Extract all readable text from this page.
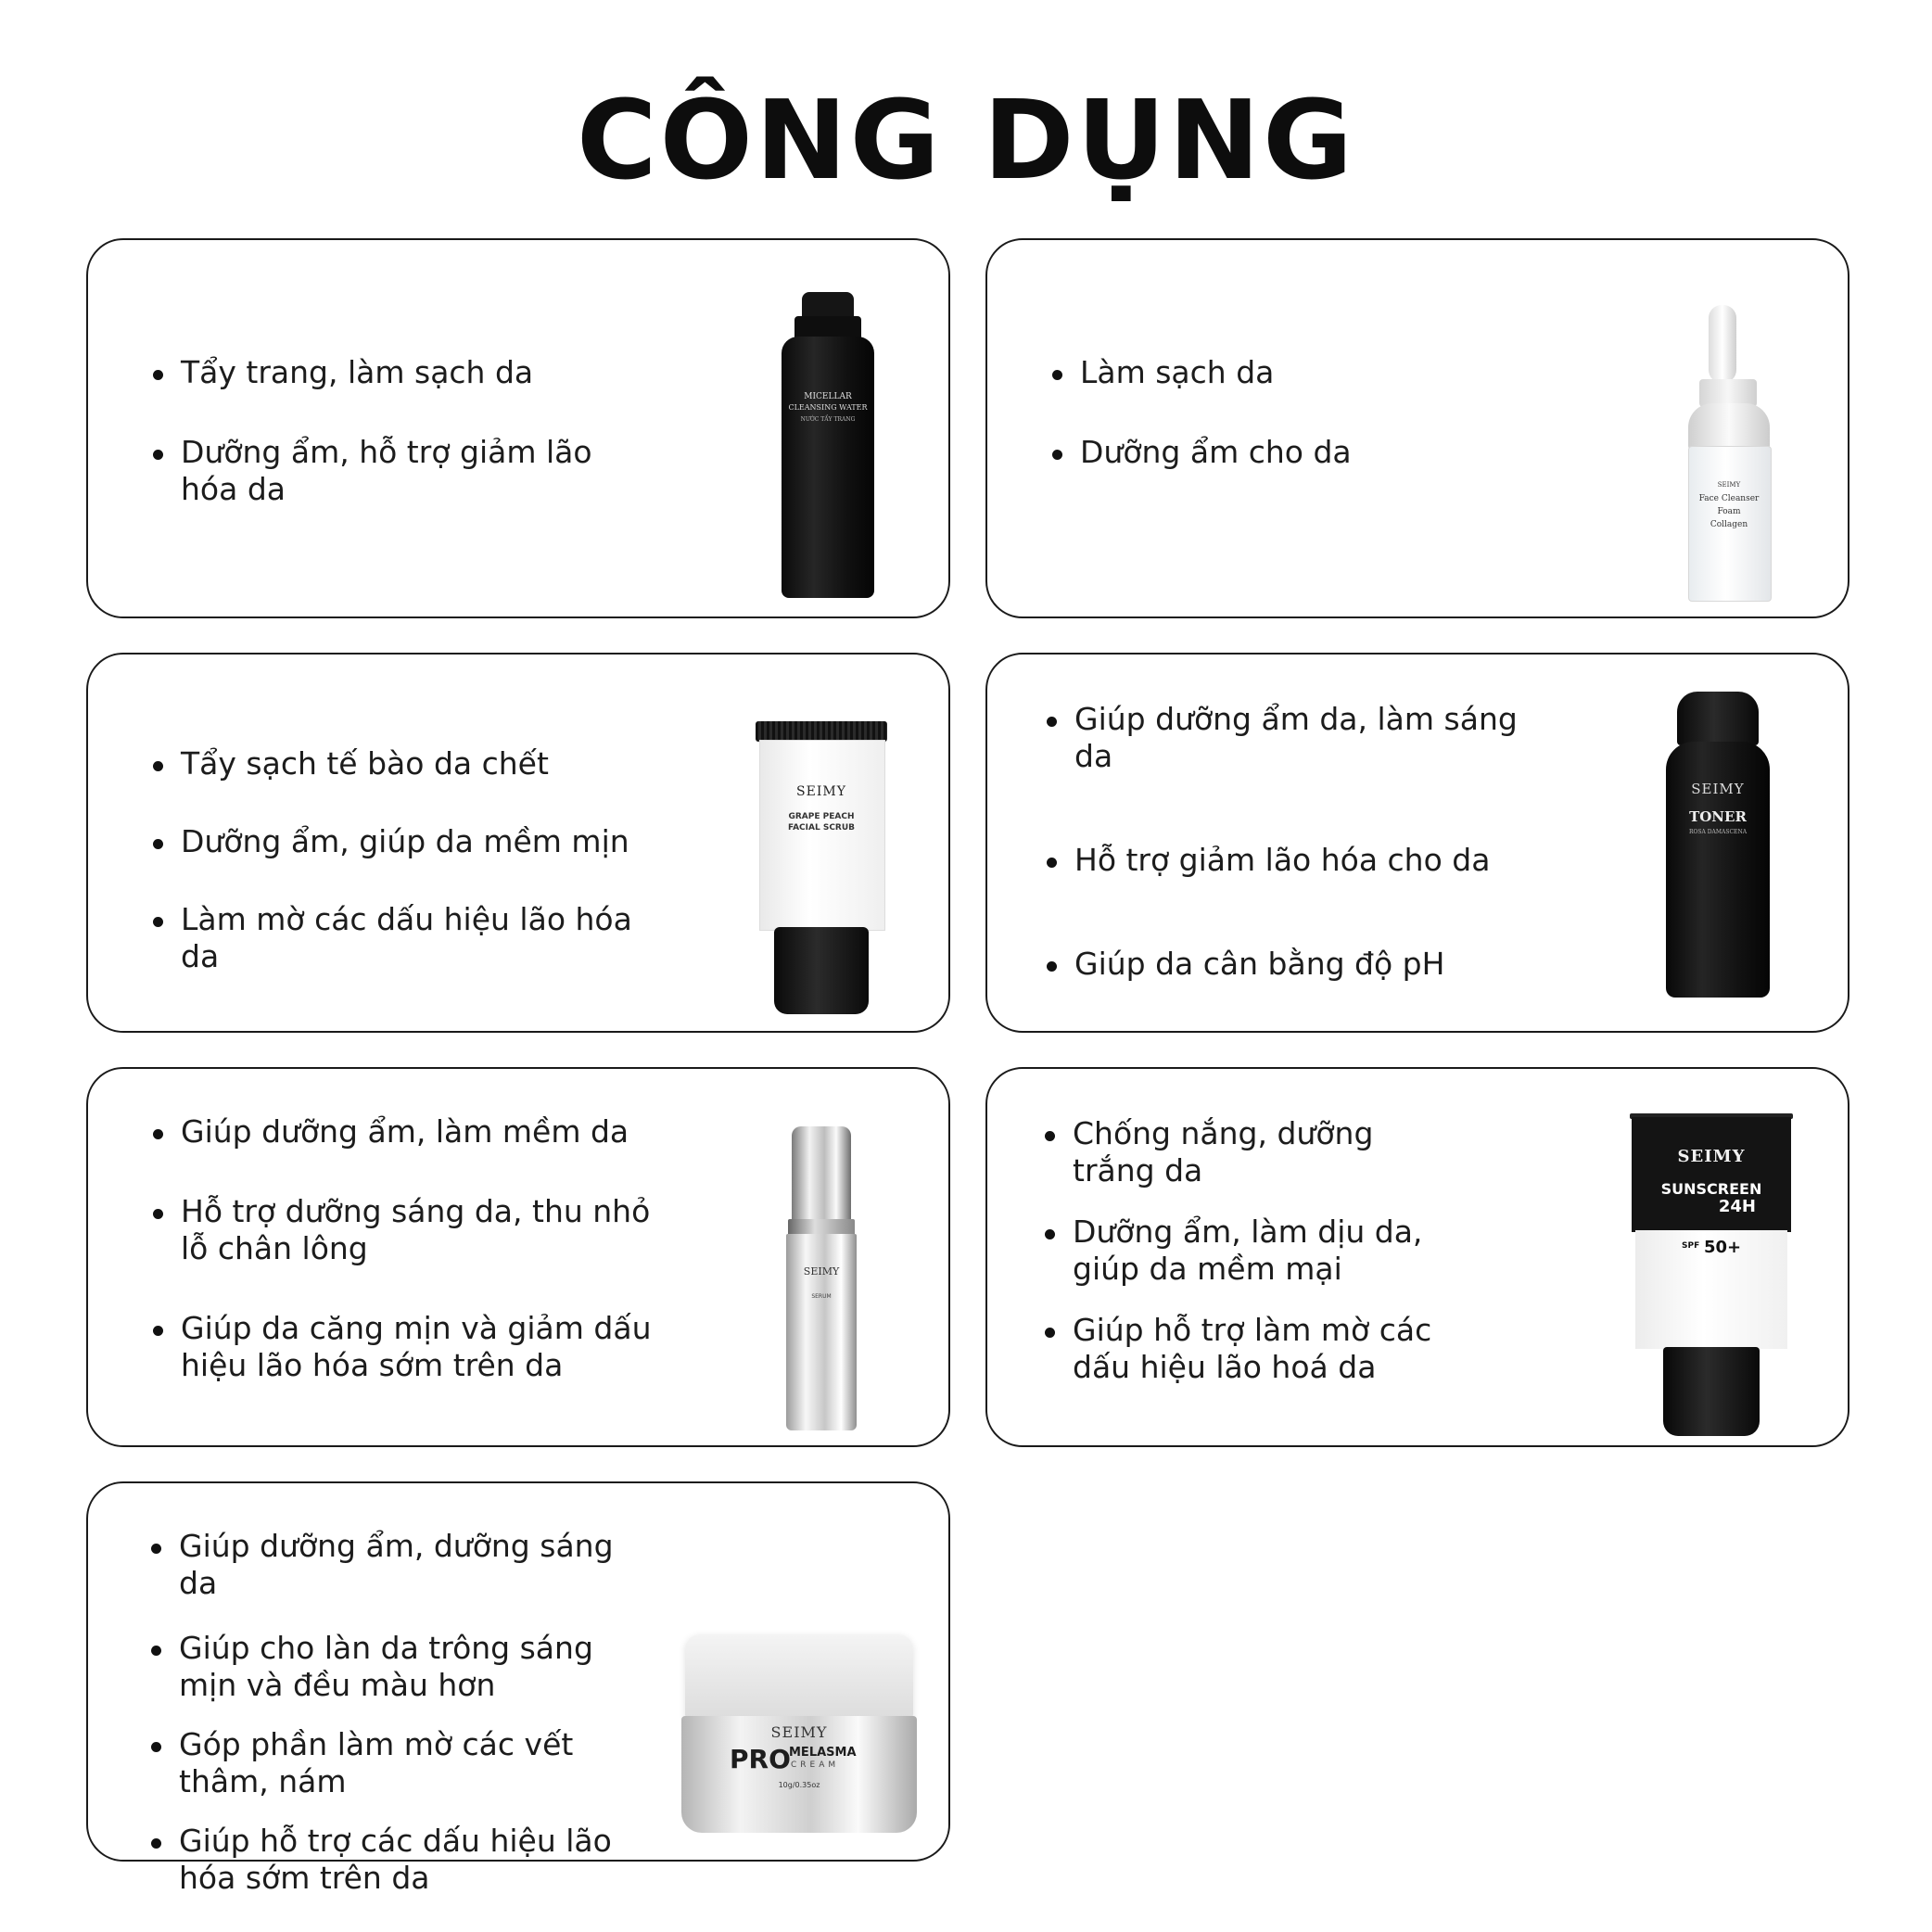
CÔNG DỤNG
Tẩy trang, làm sạch da
Dưỡng ẩm, hỗ trợ giảm lão hóa da
MICELLAR
CLEANSING WATER
NƯỚC TẨY TRANG
Làm sạch da
Dưỡng ẩm cho da
SEIMY
Face Cleanser
Foam
Collagen
Tẩy sạch tế bào da chết
Dưỡng ẩm, giúp da mềm mịn
Làm mờ các dấu hiệu lão hóa da
SEIMY
GRAPE PEACH
FACIAL SCRUB
Giúp dưỡng ẩm da, làm sáng da
Hỗ trợ giảm lão hóa cho da
Giúp da cân bằng độ pH
SEIMY
TONER
ROSA DAMASCENA
Giúp dưỡng ẩm, làm mềm da
Hỗ trợ dưỡng sáng da, thu nhỏ lỗ chân lông
Giúp da căng mịn và giảm dấu hiệu lão hóa sớm trên da
SEIMY
SERUM
Chống nắng, dưỡng trắng da
Dưỡng ẩm, làm dịu da, giúp da mềm mại
Giúp hỗ trợ làm mờ các dấu hiệu lão hoá da
SEIMY
SUNSCREEN
24H
SPF 50+
Giúp dưỡng ẩm, dưỡng sáng da
Giúp cho làn da trông sáng mịn và đều màu hơn
Góp phần làm mờ các vết thâm, nám
Giúp hỗ trợ các dấu hiệu lão hóa sớm trên da
SEIMY
PRO
MELASMA
CREAM
10g/0.35oz
